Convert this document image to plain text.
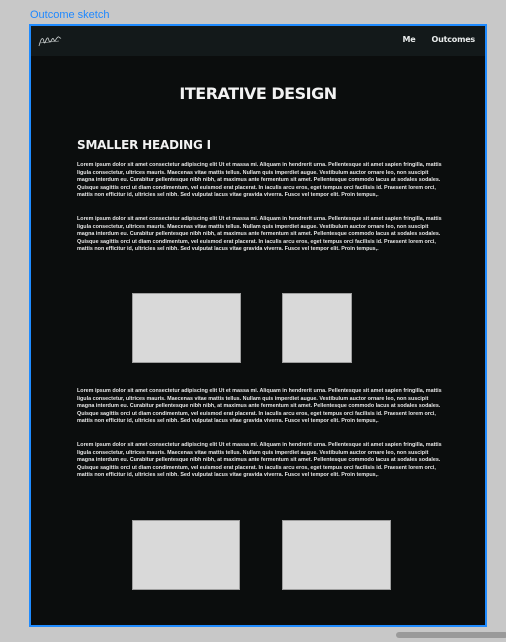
Outcome sketch
Me Outcomes
ITERATIVE DESIGN
SMALLER HEADING I

Lorem ipsum dolor sit amet consectetur adipiscing elit Ut et massa mi. Aliquam in hendrerit urna. Pellentesque sit amet sapien fringilla, mattis ligula consectetur, ultrices mauris. Maecenas vitae mattis tellus. Nullam quis imperdiet augue. Vestibulum auctor ornare leo, non suscipit magna interdum eu. Curabitur pellentesque nibh nibh, at maximus ante fermentum sit amet. Pellentesque commodo lacus at sodales sodales. Quisque sagittis orci ut diam condimentum, vel euismod erat placerat. In iaculis arcu eros, eget tempus orci facilisis id. Praesent lorem orci, mattis non efficitur id, ultricies sel nibh. Sed vulputat lacus vitae gravida viverra. Fusce vel tempor elit. Proin tempus,.

Lorem ipsum dolor sit amet consectetur adipiscing elit Ut et massa mi. Aliquam in hendrerit urna. Pellentesque sit amet sapien fringilla, mattis ligula consectetur, ultrices mauris. Maecenas vitae mattis tellus. Nullam quis imperdiet augue. Vestibulum auctor ornare leo, non suscipit magna interdum eu. Curabitur pellentesque nibh nibh, at maximus ante fermentum sit amet. Pellentesque commodo lacus at sodales sodales. Quisque sagittis orci ut diam condimentum, vel euismod erat placerat. In iaculis arcu eros, eget tempus orci facilisis id. Praesent lorem orci, mattis non efficitur id, ultricies sel nibh. Sed vulputat lacus vitae gravida viverra. Fusce vel tempor elit. Proin tempus,.

Lorem ipsum dolor sit amet consectetur adipiscing elit Ut et massa mi. Aliquam in hendrerit urna. Pellentesque sit amet sapien fringilla, mattis ligula consectetur, ultrices mauris. Maecenas vitae mattis tellus. Nullam quis imperdiet augue. Vestibulum auctor ornare leo, non suscipit magna interdum eu. Curabitur pellentesque nibh nibh, at maximus ante fermentum sit amet. Pellentesque commodo lacus at sodales sodales. Quisque sagittis orci ut diam condimentum, vel euismod erat placerat. In iaculis arcu eros, eget tempus orci facilisis id. Praesent lorem orci, mattis non efficitur id, ultricies sel nibh. Sed vulputat lacus vitae gravida viverra. Fusce vel tempor elit. Proin tempus,.

Lorem ipsum dolor sit amet consectetur adipiscing elit Ut et massa mi. Aliquam in hendrerit urna. Pellentesque sit amet sapien fringilla, mattis ligula consectetur, ultrices mauris. Maecenas vitae mattis tellus. Nullam quis imperdiet augue. Vestibulum auctor ornare leo, non suscipit magna interdum eu. Curabitur pellentesque nibh nibh, at maximus ante fermentum sit amet. Pellentesque commodo lacus at sodales sodales. Quisque sagittis orci ut diam condimentum, vel euismod erat placerat. In iaculis arcu eros, eget tempus orci facilisis id. Praesent lorem orci, mattis non efficitur id, ultricies sel nibh. Sed vulputat lacus vitae gravida viverra. Fusce vel tempor elit. Proin tempus,.
